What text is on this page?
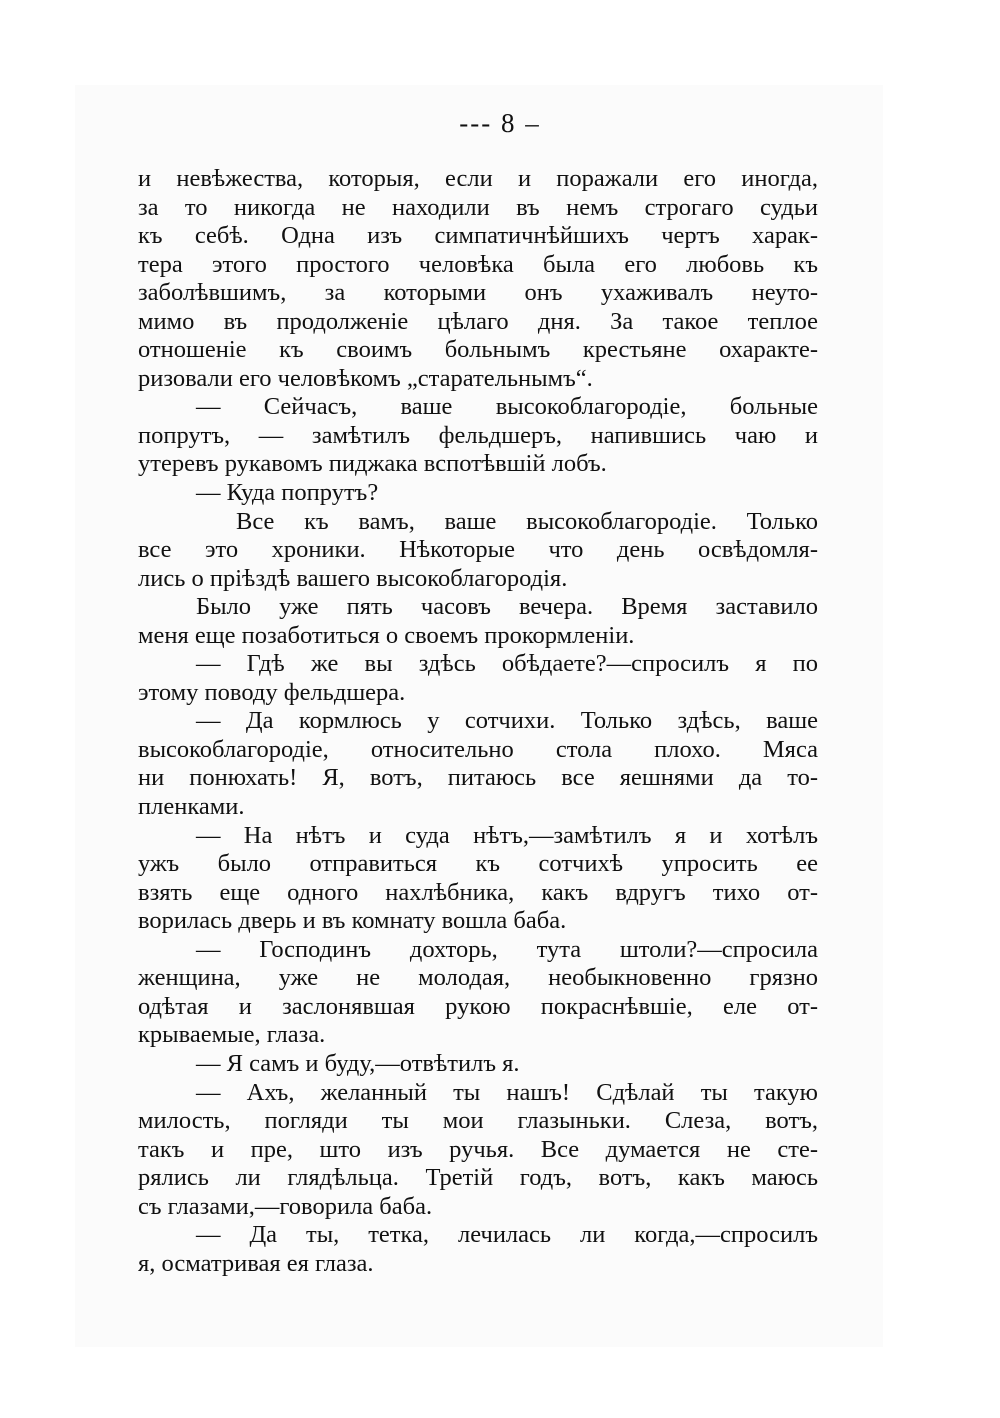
--- 8 –
и невѣжества, которыя, если и поражали его иногда,
за то никогда не находили въ немъ строгаго судьи
къ себѣ. Одна изъ симпатичнѣйшихъ чертъ харак-
тера этого простого человѣка была его любовь къ
заболѣвшимъ, за которыми онъ ухаживалъ неуто-
мимо въ продолженіе цѣлаго дня. За такое теплое
отношеніе къ своимъ больнымъ крестьяне охаракте-
ризовали его человѣкомъ „старательнымъ“.
— Сейчасъ, ваше высокоблагородіе, больные
попрутъ, — замѣтилъ фельдшеръ, напившись чаю и
утеревъ рукавомъ пиджака вспотѣвшій лобъ.
— Куда попрутъ?
Все къ вамъ, ваше высокоблагородіе. Только
все это хроники. Нѣкоторые что день освѣдомля-
лись о пріѣздѣ вашего высокоблагородія.
Было уже пять часовъ вечера. Время заставило
меня еще позаботиться о своемъ прокормленіи.
— Гдѣ же вы здѣсь обѣдаете?—спросилъ я по
этому поводу фельдшера.
— Да кормлюсь у сотчихи. Только здѣсь, ваше
высокоблагородіе, относительно стола плохо. Мяса
ни понюхать! Я, вотъ, питаюсь все яешнями да то-
пленками.
— На нѣтъ и суда нѣтъ,—замѣтилъ я и хотѣлъ
ужъ было отправиться къ сотчихѣ упросить ее
взять еще одного нахлѣбника, какъ вдругъ тихо от-
ворилась дверь и въ комнату вошла баба.
— Господинъ дохторь, тута штоли?—спросила
женщина, уже не молодая, необыкновенно грязно
одѣтая и заслонявшая рукою покраснѣвшіе, еле от-
крываемые, глаза.
— Я самъ и буду,—отвѣтилъ я.
— Ахъ, желанный ты нашъ! Сдѣлай ты такую
милость, погляди ты мои глазыньки. Слеза, вотъ,
такъ и пре, што изъ ручья. Все думается не сте-
рялись ли глядѣльца. Третій годъ, вотъ, какъ маюсь
съ глазами,—говорила баба.
— Да ты, тетка, лечилась ли когда,—спросилъ
я, осматривая ея глаза.
